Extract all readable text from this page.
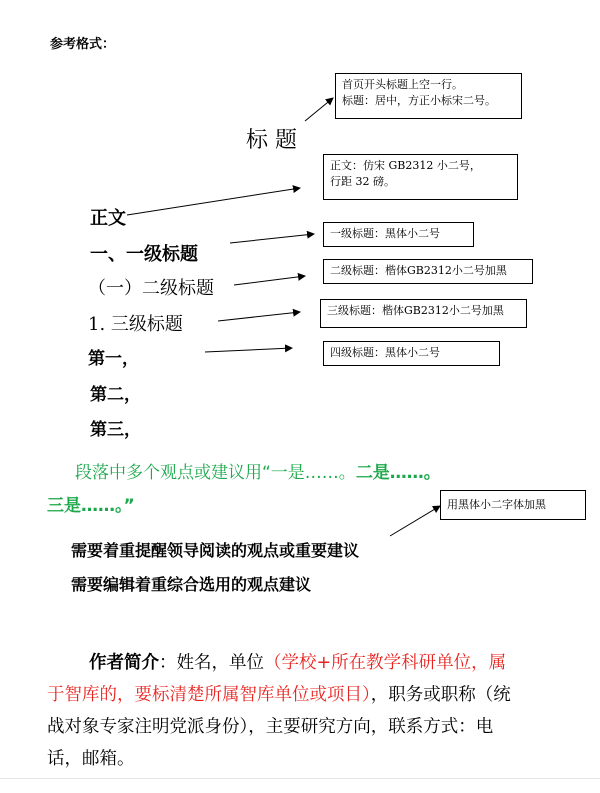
参考格式：
标 题
正文
一、一级标题
（一）二级标题
1. 三级标题
第一，
第二，
第三，
首页开头标题上空一行。
标题：居中，方正小标宋二号。
正文：仿宋 GB2312 小二号，
行距 32 磅。
一级标题：黑体小二号
二级标题：楷体GB2312小二号加黑
三级标题：楷体GB2312小二号加黑
四级标题：黑体小二号
用黑体小二字体加黑
段落中多个观点或建议用“一是……。二是……。
三是……。”
需要着重提醒领导阅读的观点或重要建议
需要编辑着重综合选用的观点建议
作者简介：姓名，单位（学校+所在教学科研单位，属于智库的，要标清楚所属智库单位或项目），职务或职称（统战对象专家注明党派身份），主要研究方向，联系方式：电话，邮箱。
